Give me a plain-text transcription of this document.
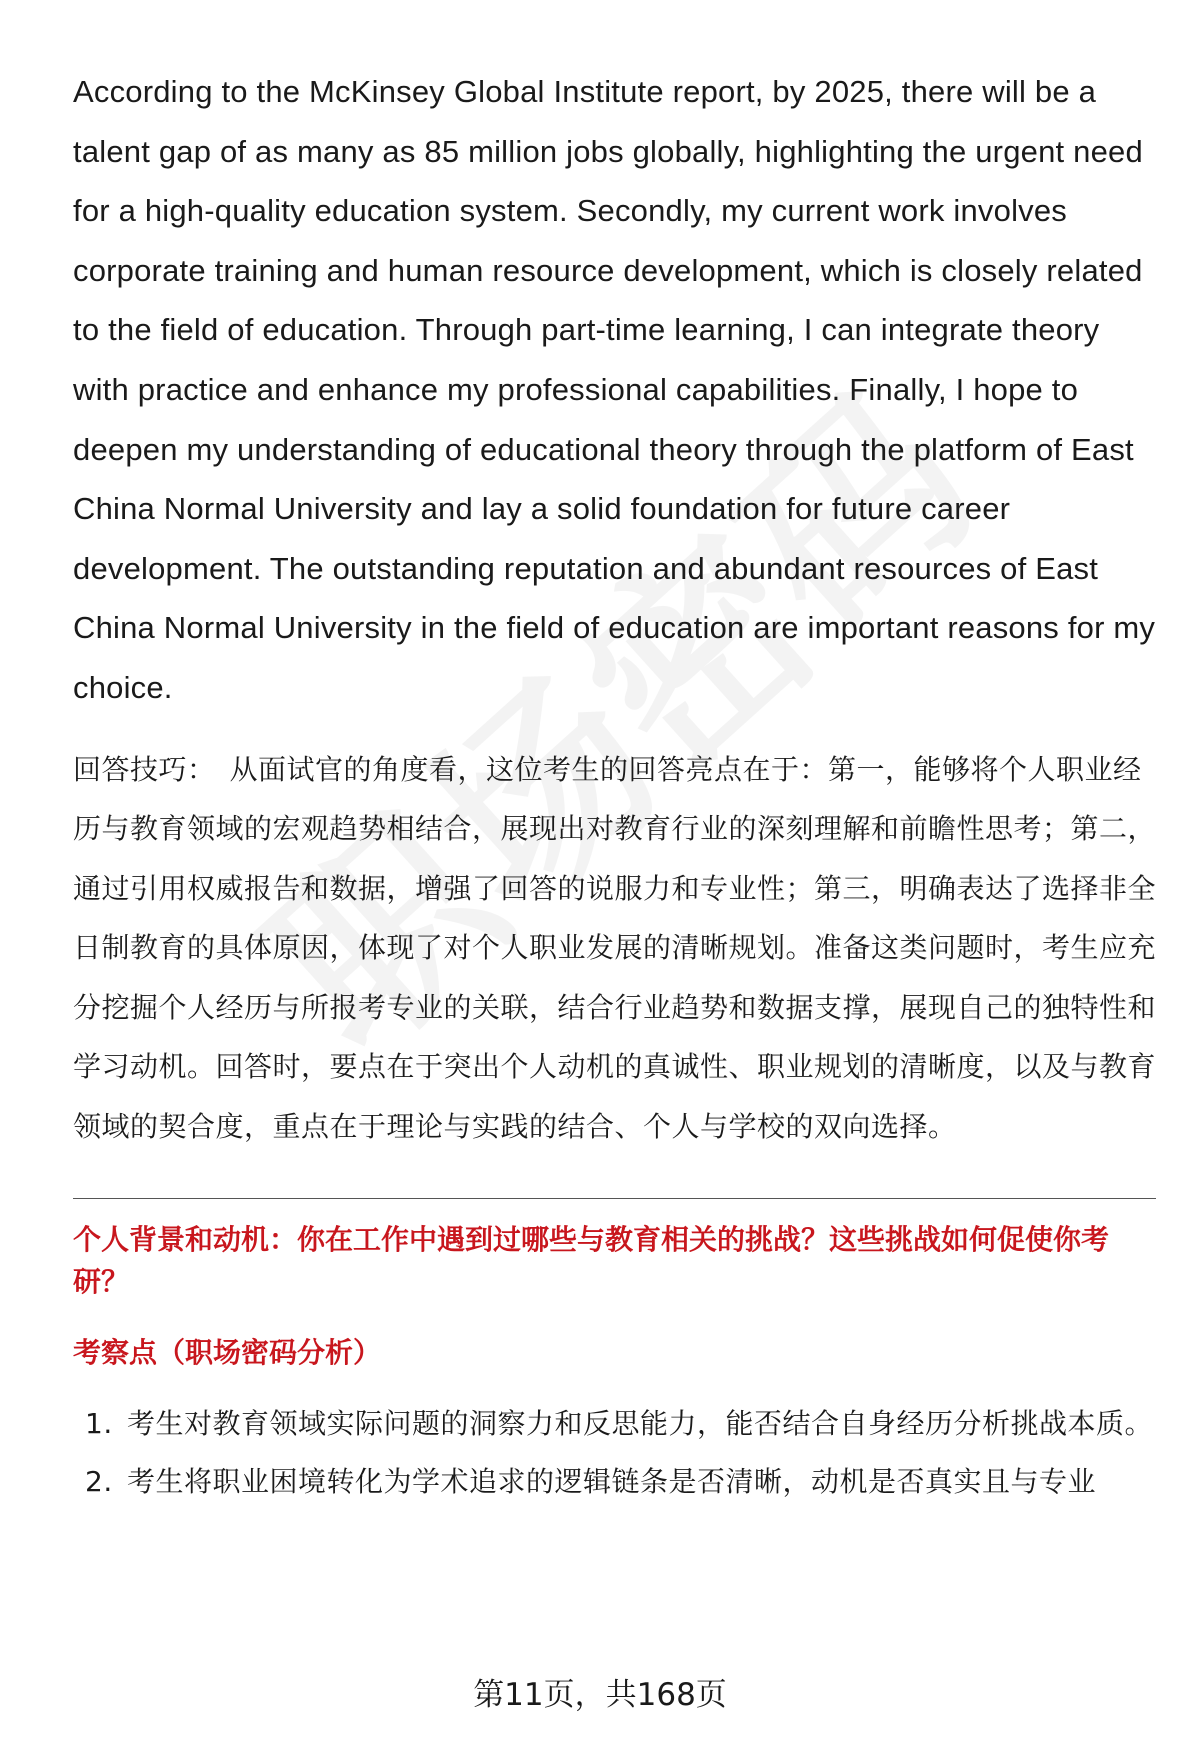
According to the McKinsey Global Institute report, by 2025, there will be a talent gap of as many as 85 million jobs globally, highlighting the urgent need for a high-quality education system. Secondly, my current work involves corporate training and human resource development, which is closely related to the field of education. Through part-time learning, I can integrate theory with practice and enhance my professional capabilities. Finally, I hope to deepen my understanding of educational theory through the platform of East China Normal University and lay a solid foundation for future career development. The outstanding reputation and abundant resources of East China Normal University in the field of education are important reasons for my choice.

回答技巧： 从面试官的角度看，这位考生的回答亮点在于：第一，能够将个人职业经历与教育领域的宏观趋势相结合，展现出对教育行业的深刻理解和前瞻性思考；第二，通过引用权威报告和数据，增强了回答的说服力和专业性；第三，明确表达了选择非全日制教育的具体原因，体现了对个人职业发展的清晰规划。准备这类问题时，考生应充分挖掘个人经历与所报考专业的关联，结合行业趋势和数据支撑，展现自己的独特性和学习动机。回答时，要点在于突出个人动机的真诚性、职业规划的清晰度，以及与教育领域的契合度，重点在于理论与实践的结合、个人与学校的双向选择。

个人背景和动机：你在工作中遇到过哪些与教育相关的挑战？这些挑战如何促使你考研？
考察点（职场密码分析）
1. 考生对教育领域实际问题的洞察力和反思能力，能否结合自身经历分析挑战本质。
2. 考生将职业困境转化为学术追求的逻辑链条是否清晰，动机是否真实且与专业
第11页，共168页
